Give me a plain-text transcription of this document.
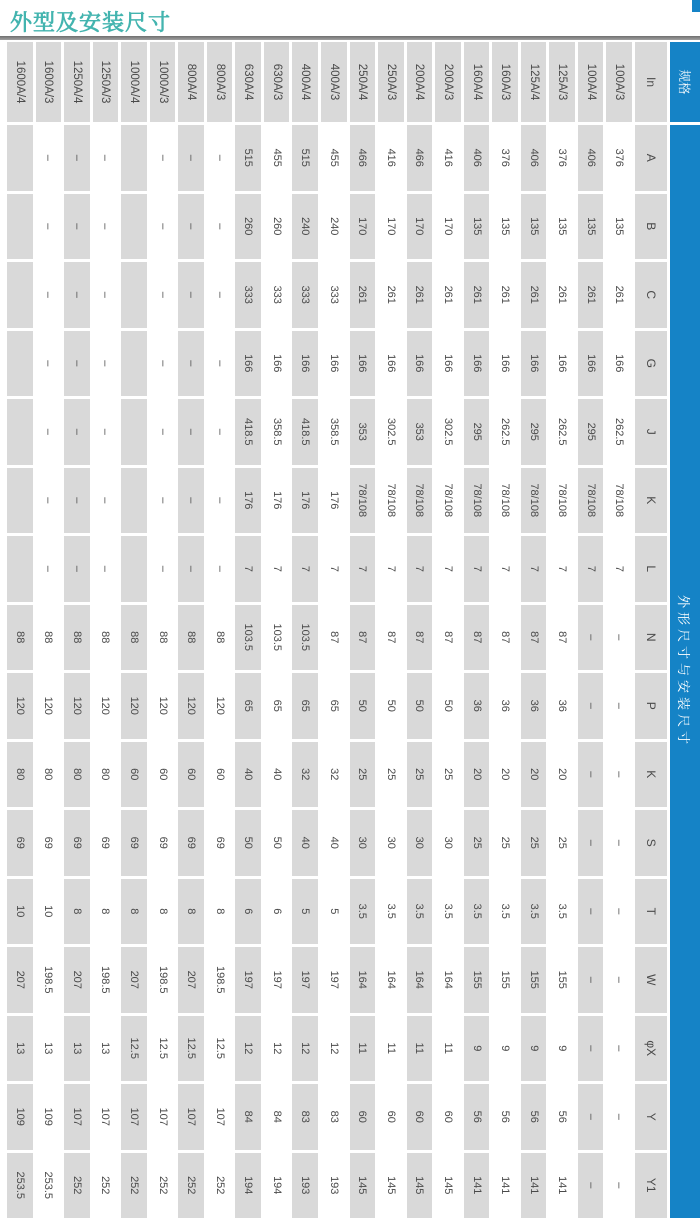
外型及安装尺寸
规格
外形尺寸与安装尺寸
In
A
B
C
G
J
K
L
N
P
K
S
T
W
φX
Y
Y1
100A/3
376
135
261
166
262.5
78/108
7
–
–
–
–
–
–
–
–
–
100A/4
406
135
261
166
295
78/108
7
–
–
–
–
–
–
–
–
–
125A/3
376
135
261
166
262.5
78/108
7
87
36
20
25
3.5
155
9
56
141
125A/4
406
135
261
166
295
78/108
7
87
36
20
25
3.5
155
9
56
141
160A/3
376
135
261
166
262.5
78/108
7
87
36
20
25
3.5
155
9
56
141
160A/4
406
135
261
166
295
78/108
7
87
36
20
25
3.5
155
9
56
141
200A/3
416
170
261
166
302.5
78/108
7
87
50
25
30
3.5
164
11
60
145
200A/4
466
170
261
166
353
78/108
7
87
50
25
30
3.5
164
11
60
145
250A/3
416
170
261
166
302.5
78/108
7
87
50
25
30
3.5
164
11
60
145
250A/4
466
170
261
166
353
78/108
7
87
50
25
30
3.5
164
11
60
145
400A/3
455
240
333
166
358.5
176
7
87
65
32
40
5
197
12
83
193
400A/4
515
240
333
166
418.5
176
7
103.5
65
32
40
5
197
12
83
193
630A/3
455
260
333
166
358.5
176
7
103.5
65
40
50
6
197
12
84
194
630A/4
515
260
333
166
418.5
176
7
103.5
65
40
50
6
197
12
84
194
800A/3
–
–
–
–
–
–
–
88
120
60
69
8
198.5
12.5
107
252
800A/4
–
–
–
–
–
–
–
88
120
60
69
8
207
12.5
107
252
1000A/3
–
–
–
–
–
–
–
88
120
60
69
8
198.5
12.5
107
252
1000A/4
88
120
60
69
8
207
12.5
107
252
1250A/3
–
–
–
–
–
–
–
88
120
80
69
8
198.5
13
107
252
1250A/4
–
–
–
–
–
–
–
88
120
80
69
8
207
13
107
252
1600A/3
–
–
–
–
–
–
–
88
120
80
69
10
198.5
13
109
253.5
1600A/4
88
120
80
69
10
207
13
109
253.5
